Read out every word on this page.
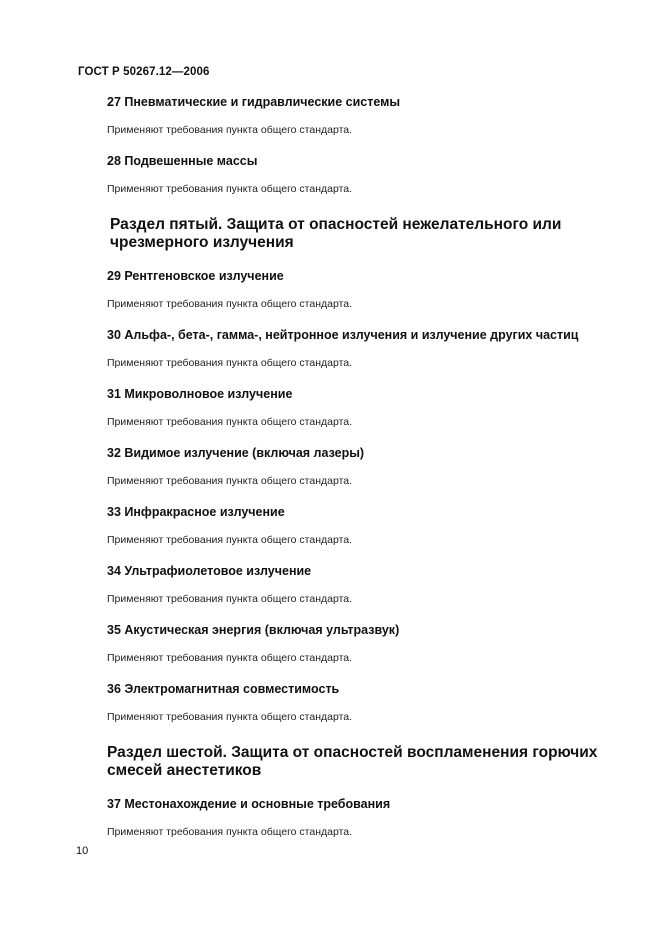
ГОСТ Р 50267.12—2006
27 Пневматические и гидравлические системы
Применяют требования пункта общего стандарта.
28 Подвешенные массы
Применяют требования пункта общего стандарта.
Раздел пятый. Защита от опасностей нежелательного или
чрезмерного излучения
29 Рентгеновское излучение
Применяют требования пункта общего стандарта.
30 Альфа-, бета-, гамма-, нейтронное излучения и излучение других частиц
Применяют требования пункта общего стандарта.
31 Микроволновое излучение
Применяют требования пункта общего стандарта.
32 Видимое излучение (включая лазеры)
Применяют требования пункта общего стандарта.
33 Инфракрасное излучение
Применяют требования пункта общего стандарта.
34 Ультрафиолетовое излучение
Применяют требования пункта общего стандарта.
35 Акустическая энергия (включая ультразвук)
Применяют требования пункта общего стандарта.
36 Электромагнитная совместимость
Применяют требования пункта общего стандарта.
Раздел шестой. Защита от опасностей воспламенения горючих
смесей анестетиков
37 Местонахождение и основные требования
Применяют требования пункта общего стандарта.
10
